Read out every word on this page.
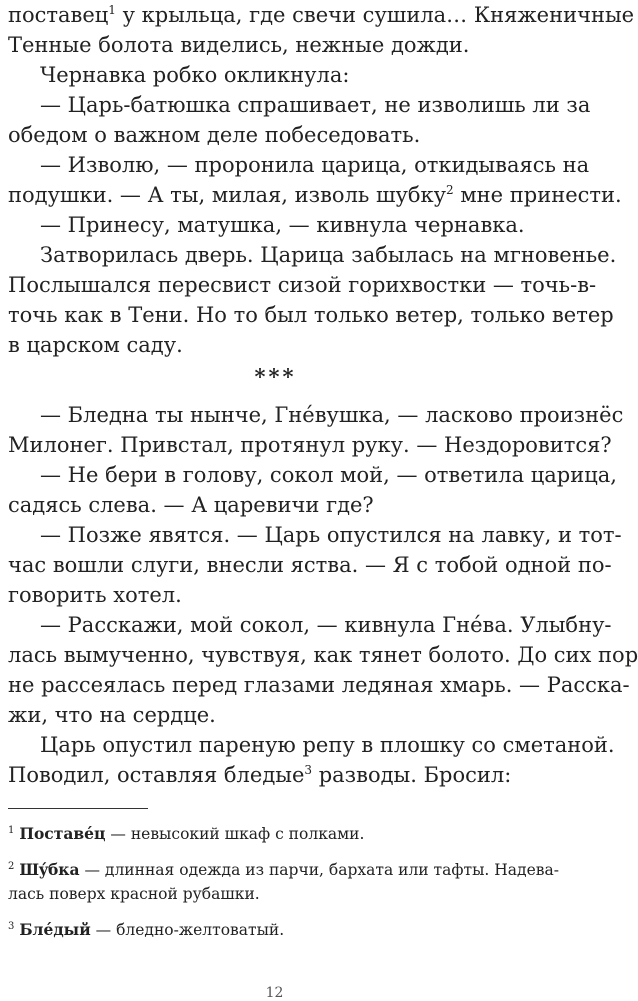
поставец$^1$ у крыльца, где свечи сушила… Княженичные
Тенные болота виделись, нежные дожди.
Чернавка робко окликнула:
— Царь-батюшка спрашивает, не изволишь ли за
обедом о важном деле побеседовать.
— Изволю, — проронила царица, откидываясь на
подушки. — А ты, милая, изволь шубку$^2$ мне принести.
— Принесу, матушка, — кивнула чернавка.
Затворилась дверь. Царица забылась на мгновенье.
Послышался пересвист сизой горихвостки — точь-в-
точь как в Тени. Но то был только ветер, только ветер
в царском саду.
***
— Бледна ты нынче, Гнéвушка, — ласково произнёс
Милонег. Привстал, протянул руку. — Нездоровится?
— Не бери в голову, сокол мой, — ответила царица,
садясь слева. — А царевичи где?
— Позже явятся. — Царь опустился на лавку, и тот-
час вошли слуги, внесли яства. — Я с тобой одной по-
говорить хотел.
— Расскажи, мой сокол, — кивнула Гнéва. Улыбну-
лась вымученно, чувствуя, как тянет болото. До сих пор
не рассеялась перед глазами ледяная хмарь. — Расска-
жи, что на сердце.
Царь опустил пареную репу в плошку со сметаной.
Поводил, оставляя бледые$^3$ разводы. Бросил:
$^1$ Поставéц — невысокий шкаф с полками.
$^2$ Шýбка — длинная одежда из парчи, бархата или тафты. Надева-
лась поверх красной рубашки.
$^3$ Блéдый — бледно-желтоватый.
12
